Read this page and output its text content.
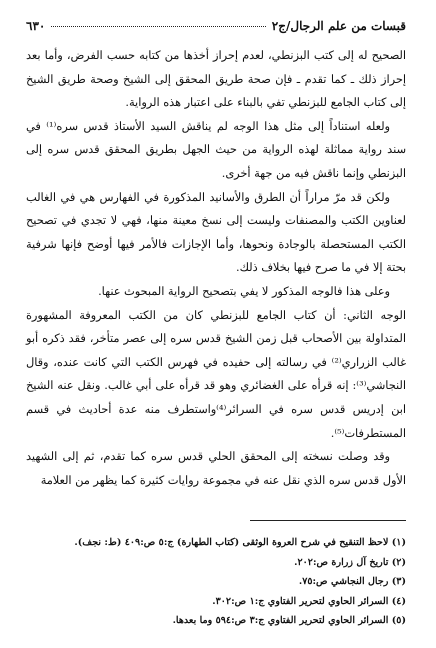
قبسات من علم الرجال/ج٢
٦٣٠

الصحيح له إلى كتب البزنطي، لعدم إحراز أخذها من كتابه حسب الفرض، وأما بعد إحراز ذلك ـ كما تقدم ـ فإن صحة طريق المحقق إلى الشيخ وصحة طريق الشيخ إلى كتاب الجامع للبزنطي تفي بالبناء على اعتبار هذه الرواية.

ولعله استناداً إلى مثل هذا الوجه لم يناقش السيد الأستاذ قدس سره⁽¹⁾ في سند رواية مماثلة لهذه الرواية من حيث الجهل بطريق المحقق قدس سره إلى البزنطي وإنما ناقش فيه من جهة أخرى.

ولكن قد مرّ مراراً أن الطرق والأسانيد المذكورة في الفهارس هي في الغالب لعناوين الكتب والمصنفات وليست إلى نسخ معينة منها، فهي لا تجدي في تصحيح الكتب المستحصلة بالوجادة ونحوها، وأما الإجازات فالأمر فيها أوضح فإنها شرفية بحتة إلا في ما صرح فيها بخلاف ذلك.

وعلى هذا فالوجه المذكور لا يفي بتصحيح الرواية المبحوث عنها.

الوجه الثاني: أن كتاب الجامع للبزنطي كان من الكتب المعروفة المشهورة المتداولة بين الأصحاب قبل زمن الشيخ قدس سره إلى عصر متأخر، فقد ذكره أبو غالب الزراري⁽²⁾ في رسالته إلى حفيده في فهرس الكتب التي كانت عنده، وقال النجاشي⁽³⁾: إنه قرأه على الغضائري وهو قد قرأه على أبي غالب. ونقل عنه الشيخ ابن إدريس قدس سره في السرائر⁽⁴⁾واستطرف منه عدة أحاديث في قسم المستطرفات⁽⁵⁾.

وقد وصلت نسخته إلى المحقق الحلي قدس سره كما تقدم، ثم إلى الشهيد الأول قدس سره الذي نقل عنه في مجموعة روايات كثيرة كما يظهر من العلامة

(١) لاحظ التنقيح في شرح العروة الوثقى (كتاب الطهارة) ج:٥ ص:٤٠٩ (ط: نجف).
(٢) تاريخ آل زرارة ص:٢٠٢.
(٣) رجال النجاشي ص:٧٥.
(٤) السرائر الحاوي لتحرير الفتاوي ج:١ ص:٣٠٢.
(٥) السرائر الحاوي لتحرير الفتاوي ج:٣ ص:٥٩٤ وما بعدها.
